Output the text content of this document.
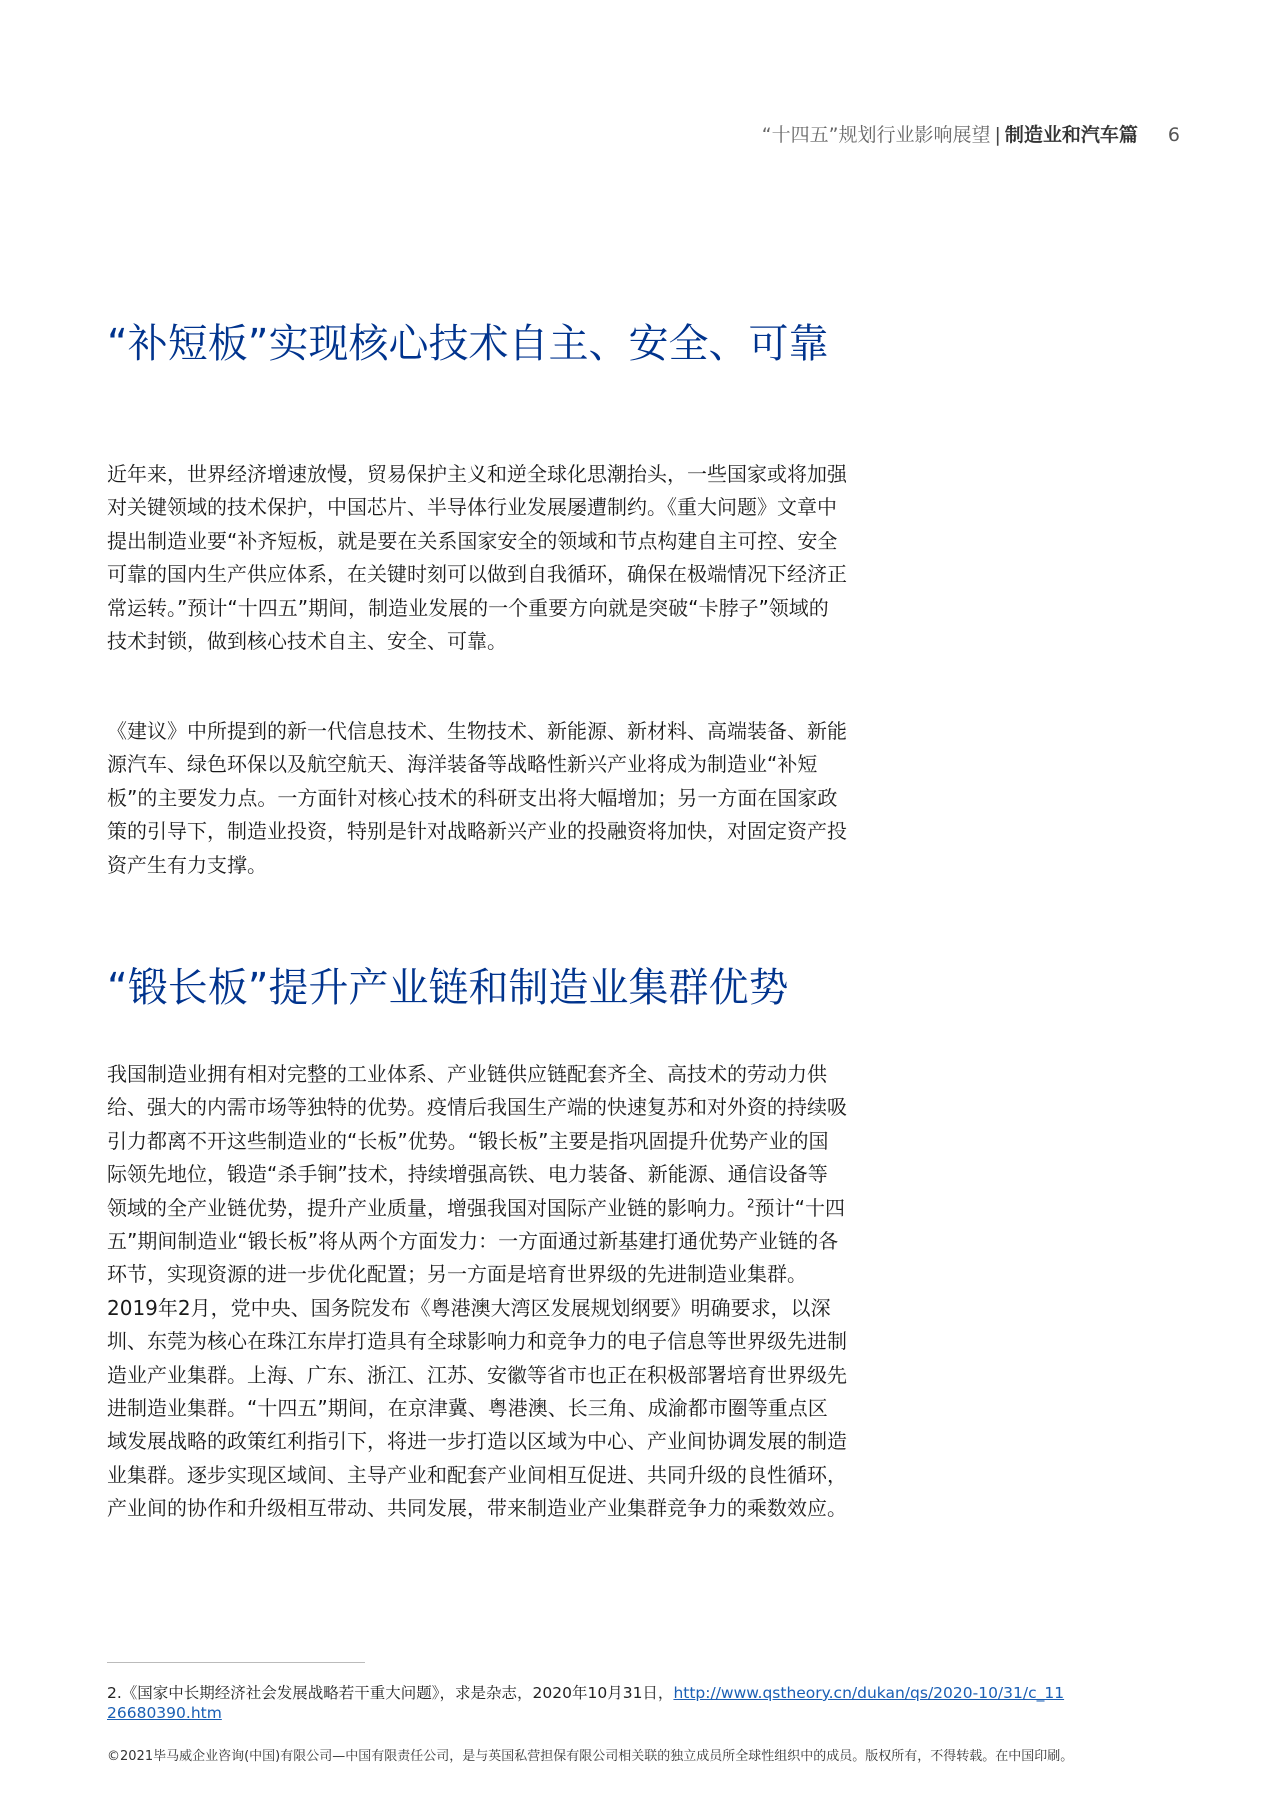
“十四五”规划行业影响展望 | 制造业和汽车篇 6
“补短板”实现核心技术自主、安全、可靠

近年来，世界经济增速放慢，贸易保护主义和逆全球化思潮抬头，一些国家或将加强对关键领域的技术保护，中国芯片、半导体行业发展屡遭制约。《重大问题》文章中提出制造业要“补齐短板，就是要在关系国家安全的领域和节点构建自主可控、安全可靠的国内生产供应体系，在关键时刻可以做到自我循环，确保在极端情况下经济正常运转。”预计“十四五”期间，制造业发展的一个重要方向就是突破“卡脖子”领域的技术封锁，做到核心技术自主、安全、可靠。

《建议》中所提到的新一代信息技术、生物技术、新能源、新材料、高端装备、新能源汽车、绿色环保以及航空航天、海洋装备等战略性新兴产业将成为制造业“补短板”的主要发力点。一方面针对核心技术的科研支出将大幅增加；另一方面在国家政策的引导下，制造业投资，特别是针对战略新兴产业的投融资将加快，对固定资产投资产生有力支撑。

“锻长板”提升产业链和制造业集群优势

我国制造业拥有相对完整的工业体系、产业链供应链配套齐全、高技术的劳动力供给、强大的内需市场等独特的优势。疫情后我国生产端的快速复苏和对外资的持续吸引力都离不开这些制造业的“长板”优势。“锻长板”主要是指巩固提升优势产业的国际领先地位，锻造“杀手锏”技术，持续增强高铁、电力装备、新能源、通信设备等领域的全产业链优势，提升产业质量，增强我国对国际产业链的影响力。$^2$预计“十四五”期间制造业“锻长板”将从两个方面发力：一方面通过新基建打通优势产业链的各环节，实现资源的进一步优化配置；另一方面是培育世界级的先进制造业集群。2019年2月，党中央、国务院发布《粤港澳大湾区发展规划纲要》明确要求，以深圳、东莞为核心在珠江东岸打造具有全球影响力和竞争力的电子信息等世界级先进制造业产业集群。上海、广东、浙江、江苏、安徽等省市也正在积极部署培育世界级先进制造业集群。“十四五”期间，在京津冀、粤港澳、长三角、成渝都市圈等重点区域发展战略的政策红利指引下，将进一步打造以区域为中心、产业间协调发展的制造业集群。逐步实现区域间、主导产业和配套产业间相互促进、共同升级的良性循环，产业间的协作和升级相互带动、共同发展，带来制造业产业集群竞争力的乘数效应。

2.《国家中长期经济社会发展战略若干重大问题》，求是杂志，2020年10月31日，http://www.qstheory.cn/dukan/qs/2020-10/31/c_1126680390.htm

©2021毕马威企业咨询(中国)有限公司—中国有限责任公司，是与英国私营担保有限公司相关联的独立成员所全球性组织中的成员。版权所有，不得转载。在中国印刷。
